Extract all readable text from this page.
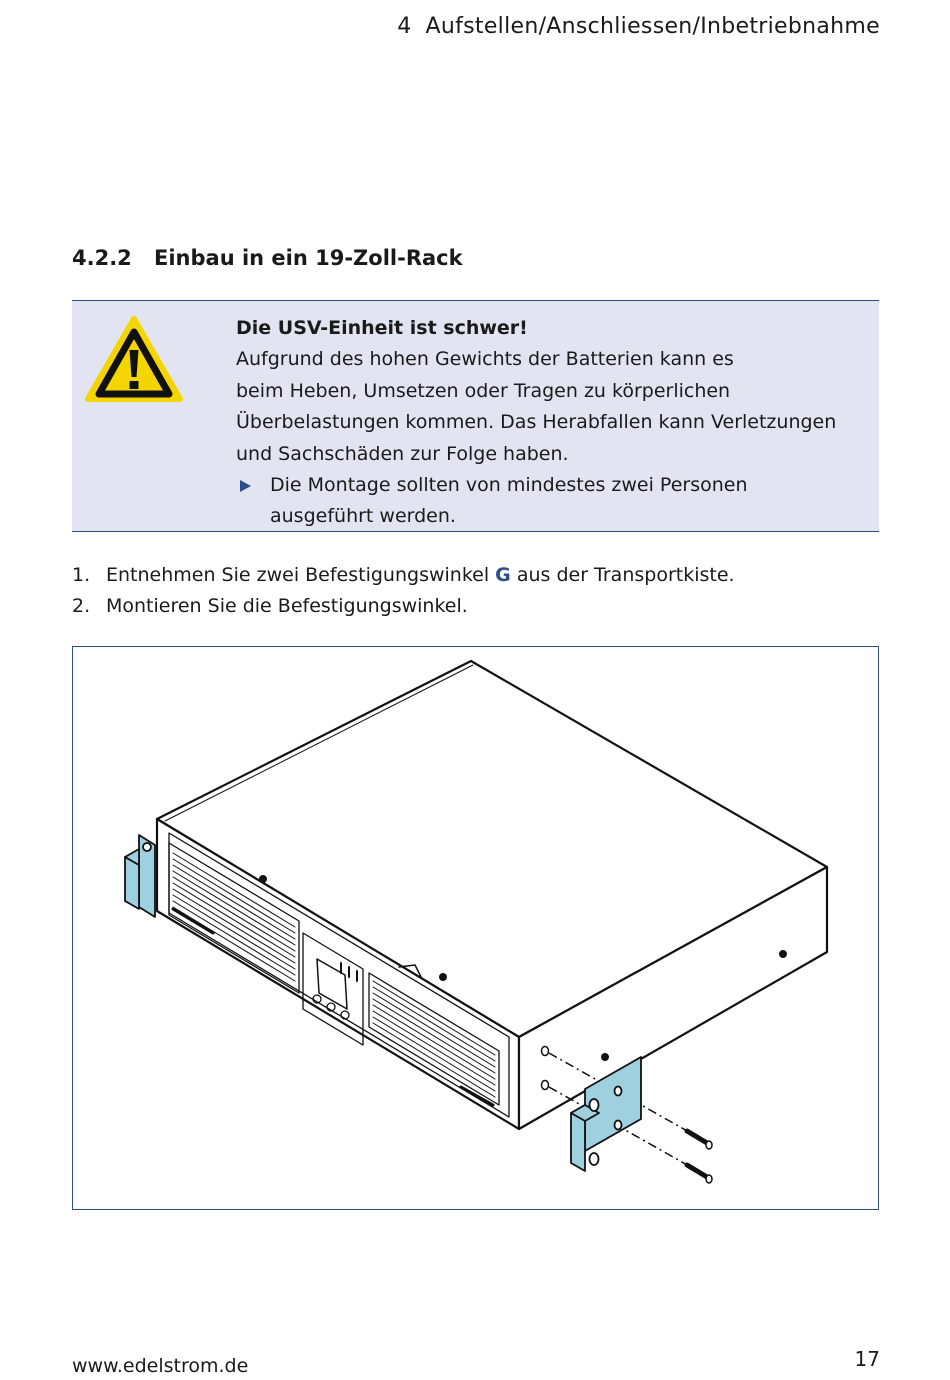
4 Aufstellen/Anschliessen/Inbetriebnahme
4.2.2 Einbau in ein 19-Zoll-Rack
Die USV-Einheit ist schwer!
Aufgrund des hohen Gewichts der Batterien kann es
beim Heben, Umsetzen oder Tragen zu körperlichen
Überbelastungen kommen. Das Herabfallen kann Verletzungen
und Sachschäden zur Folge haben.
Die Montage sollten von mindestes zwei Personen
ausgeführt werden.
1. Entnehmen Sie zwei Befestigungswinkel G aus der Transportkiste.
2. Montieren Sie die Befestigungswinkel.
www.edelstrom.de	17
